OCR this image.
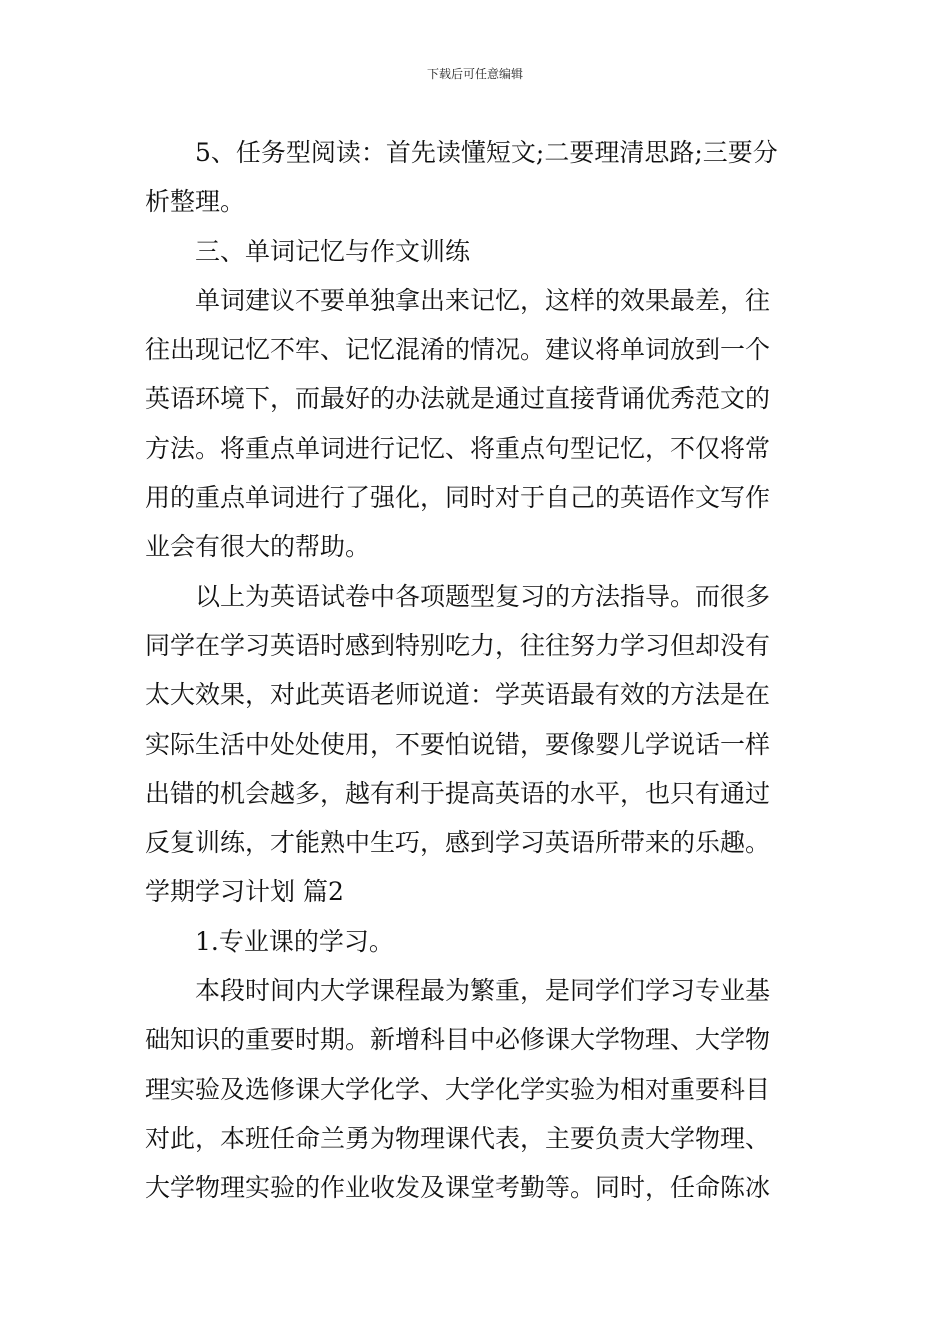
下载后可任意编辑

5、任务型阅读：首先读懂短文;二要理清思路;三要分

析整理。

三、单词记忆与作文训练

单词建议不要单独拿出来记忆，这样的效果最差，往

往出现记忆不牢、记忆混淆的情况。建议将单词放到一个

英语环境下，而最好的办法就是通过直接背诵优秀范文的

方法。将重点单词进行记忆、将重点句型记忆，不仅将常

用的重点单词进行了强化，同时对于自己的英语作文写作

业会有很大的帮助。

以上为英语试卷中各项题型复习的方法指导。而很多

同学在学习英语时感到特别吃力，往往努力学习但却没有

太大效果，对此英语老师说道：学英语最有效的方法是在

实际生活中处处使用，不要怕说错，要像婴儿学说话一样

出错的机会越多，越有利于提高英语的水平，也只有通过

反复训练，才能熟中生巧，感到学习英语所带来的乐趣。

学期学习计划 篇2

1.专业课的学习。

本段时间内大学课程最为繁重，是同学们学习专业基

础知识的重要时期。新增科目中必修课大学物理、大学物

理实验及选修课大学化学、大学化学实验为相对重要科目

对此，本班任命兰勇为物理课代表，主要负责大学物理、

大学物理实验的作业收发及课堂考勤等。同时，任命陈冰
